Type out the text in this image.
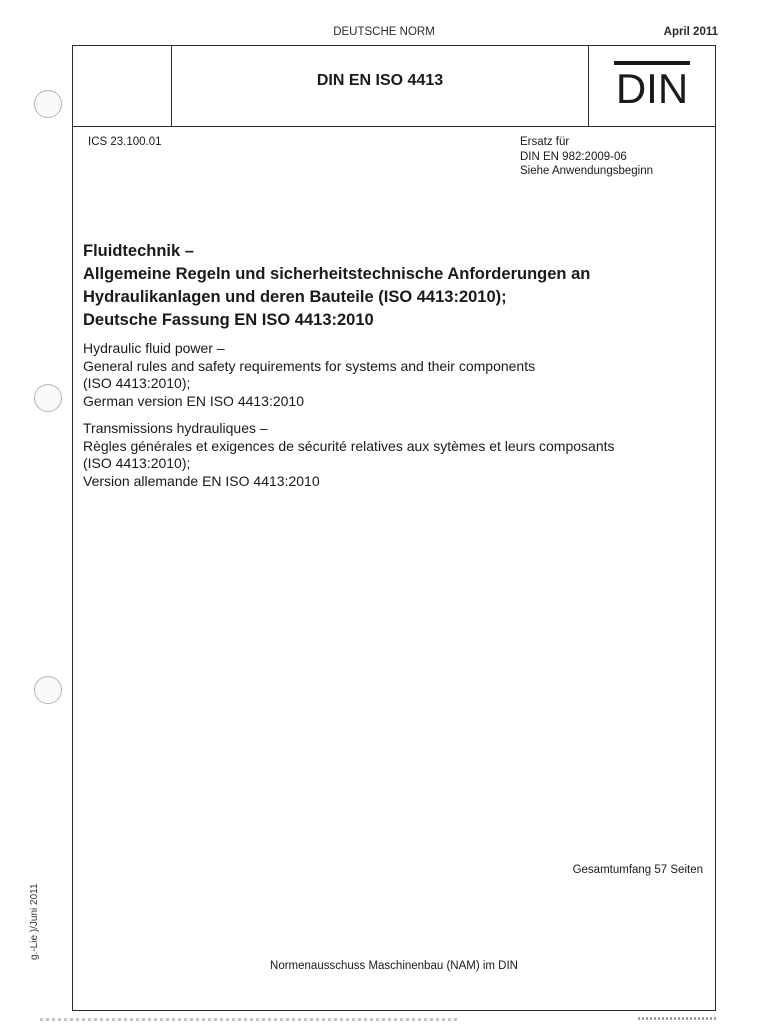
DEUTSCHE NORM	April 2011
DIN EN ISO 4413	DIN
ICS 23.100.01	Ersatz für
DIN EN 982:2009-06
Siehe Anwendungsbeginn
Fluidtechnik –
Allgemeine Regeln und sicherheitstechnische Anforderungen an
Hydraulikanlagen und deren Bauteile (ISO 4413:2010);
Deutsche Fassung EN ISO 4413:2010
Hydraulic fluid power –
General rules and safety requirements for systems and their components
(ISO 4413:2010);
German version EN ISO 4413:2010
Transmissions hydrauliques –
Règles générales et exigences de sécurité relatives aux sytèmes et leurs composants
(ISO 4413:2010);
Version allemande EN ISO 4413:2010
Gesamtumfang 57 Seiten
Normenausschuss Maschinenbau (NAM) im DIN
g.-Lie )/Juni 2011
